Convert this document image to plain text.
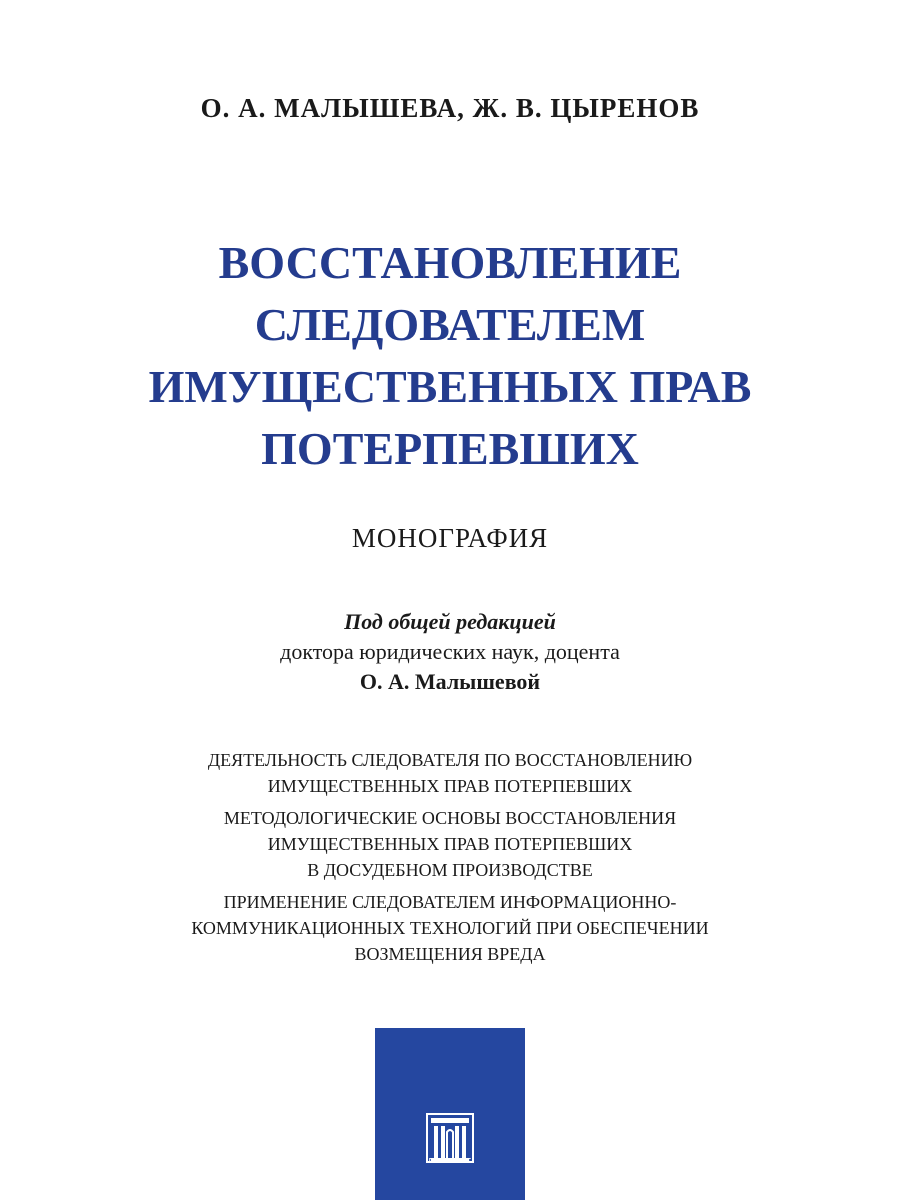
О. А. МАЛЫШЕВА, Ж. В. ЦЫРЕНОВ
ВОССТАНОВЛЕНИЕ
СЛЕДОВАТЕЛЕМ
ИМУЩЕСТВЕННЫХ ПРАВ
ПОТЕРПЕВШИХ
МОНОГРАФИЯ
Под общей редакцией
доктора юридических наук, доцента
О. А. Малышевой
ДЕЯТЕЛЬНОСТЬ СЛЕДОВАТЕЛЯ ПО ВОССТАНОВЛЕНИЮ
ИМУЩЕСТВЕННЫХ ПРАВ ПОТЕРПЕВШИХ
МЕТОДОЛОГИЧЕСКИЕ ОСНОВЫ ВОССТАНОВЛЕНИЯ
ИМУЩЕСТВЕННЫХ ПРАВ ПОТЕРПЕВШИХ
В ДОСУДЕБНОМ ПРОИЗВОДСТВЕ
ПРИМЕНЕНИЕ СЛЕДОВАТЕЛЕМ ИНФОРМАЦИОННО-
КОММУНИКАЦИОННЫХ ТЕХНОЛОГИЙ ПРИ ОБЕСПЕЧЕНИИ
ВОЗМЕЩЕНИЯ ВРЕДА
ПРОСПЕКТ
